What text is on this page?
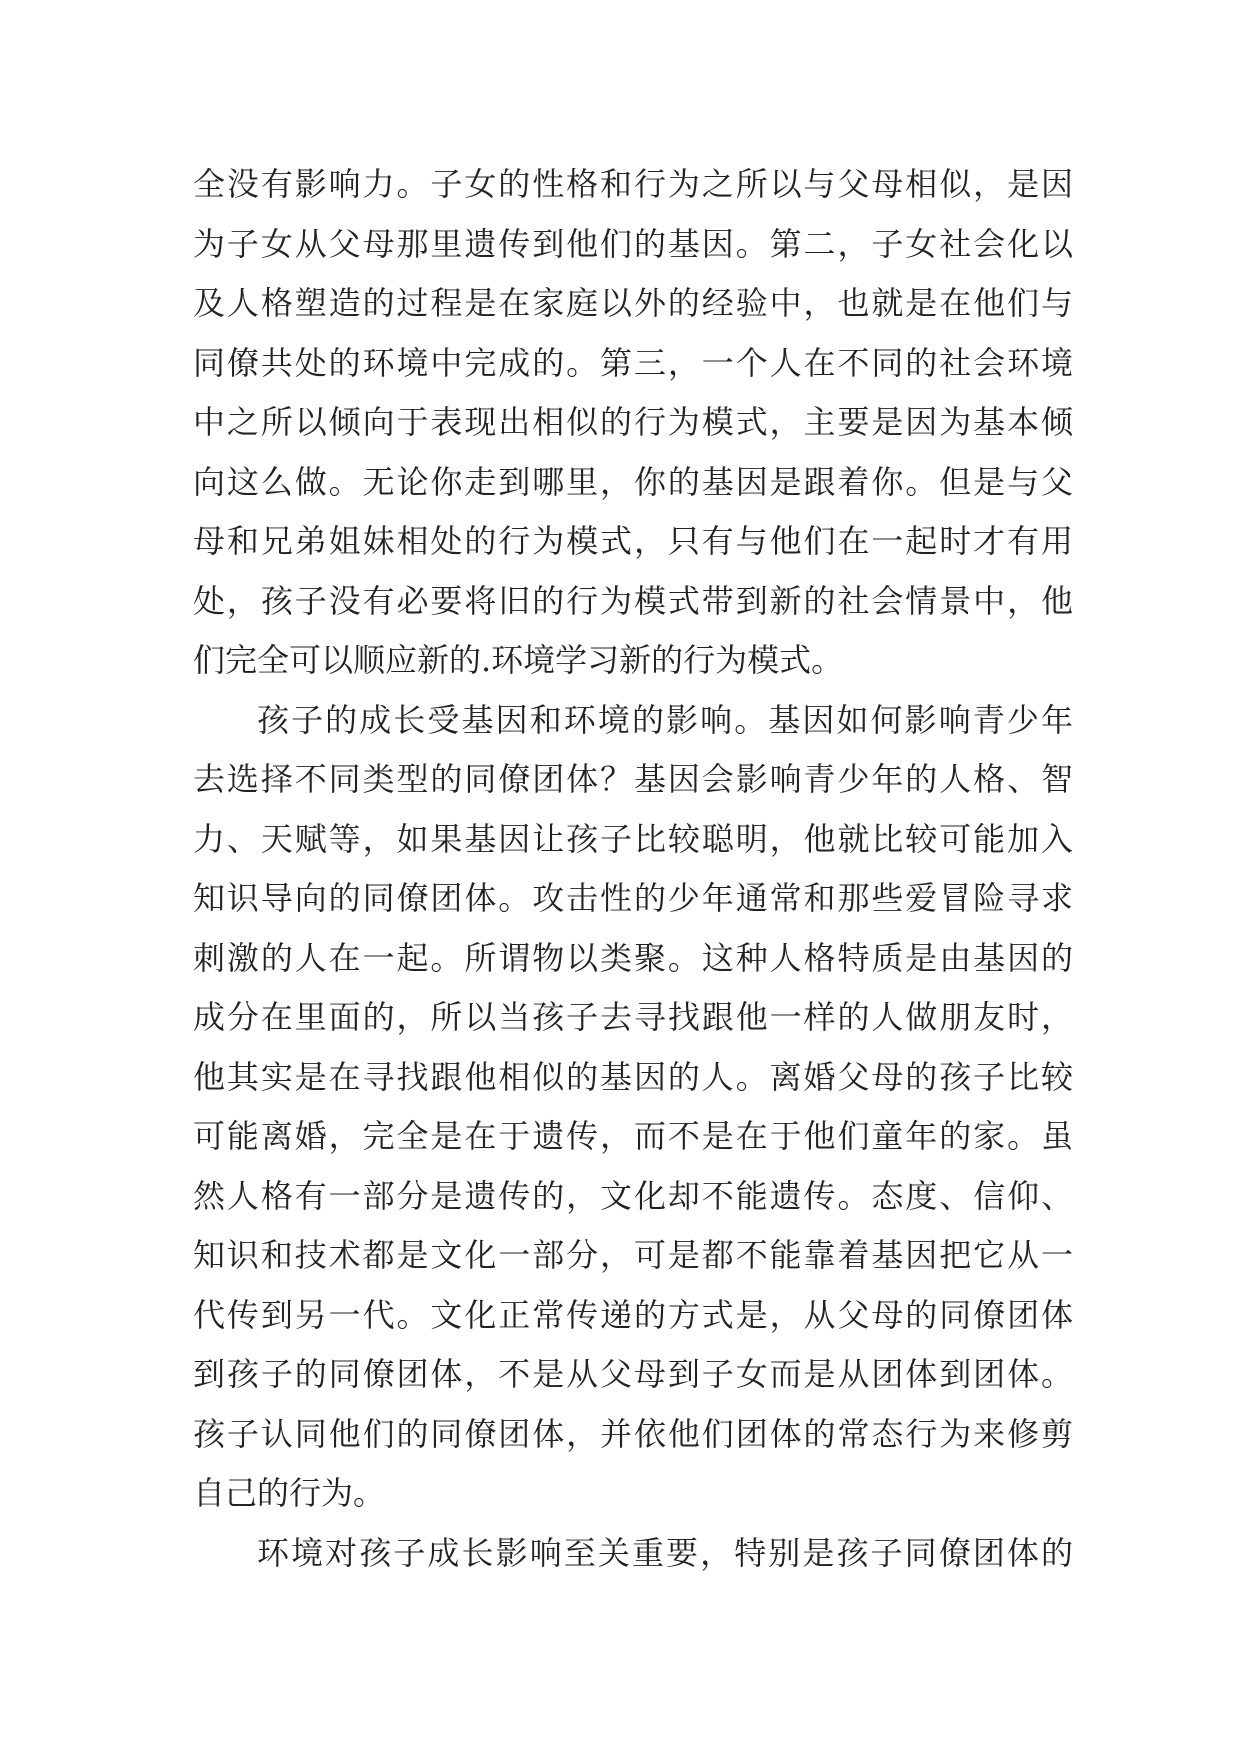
全没有影响力。子女的性格和行为之所以与父母相似，是因
为子女从父母那里遗传到他们的基因。第二，子女社会化以
及人格塑造的过程是在家庭以外的经验中，也就是在他们与
同僚共处的环境中完成的。第三，一个人在不同的社会环境
中之所以倾向于表现出相似的行为模式，主要是因为基本倾
向这么做。无论你走到哪里，你的基因是跟着你。但是与父
母和兄弟姐妹相处的行为模式，只有与他们在一起时才有用
处，孩子没有必要将旧的行为模式带到新的社会情景中，他
们完全可以顺应新的.环境学习新的行为模式。
孩子的成长受基因和环境的影响。基因如何影响青少年
去选择不同类型的同僚团体？基因会影响青少年的人格、智
力、天赋等，如果基因让孩子比较聪明，他就比较可能加入
知识导向的同僚团体。攻击性的少年通常和那些爱冒险寻求
刺激的人在一起。所谓物以类聚。这种人格特质是由基因的
成分在里面的，所以当孩子去寻找跟他一样的人做朋友时，
他其实是在寻找跟他相似的基因的人。离婚父母的孩子比较
可能离婚，完全是在于遗传，而不是在于他们童年的家。虽
然人格有一部分是遗传的，文化却不能遗传。态度、信仰、
知识和技术都是文化一部分，可是都不能靠着基因把它从一
代传到另一代。文化正常传递的方式是，从父母的同僚团体
到孩子的同僚团体，不是从父母到子女而是从团体到团体。
孩子认同他们的同僚团体，并依他们团体的常态行为来修剪
自己的行为。
环境对孩子成长影响至关重要，特别是孩子同僚团体的
